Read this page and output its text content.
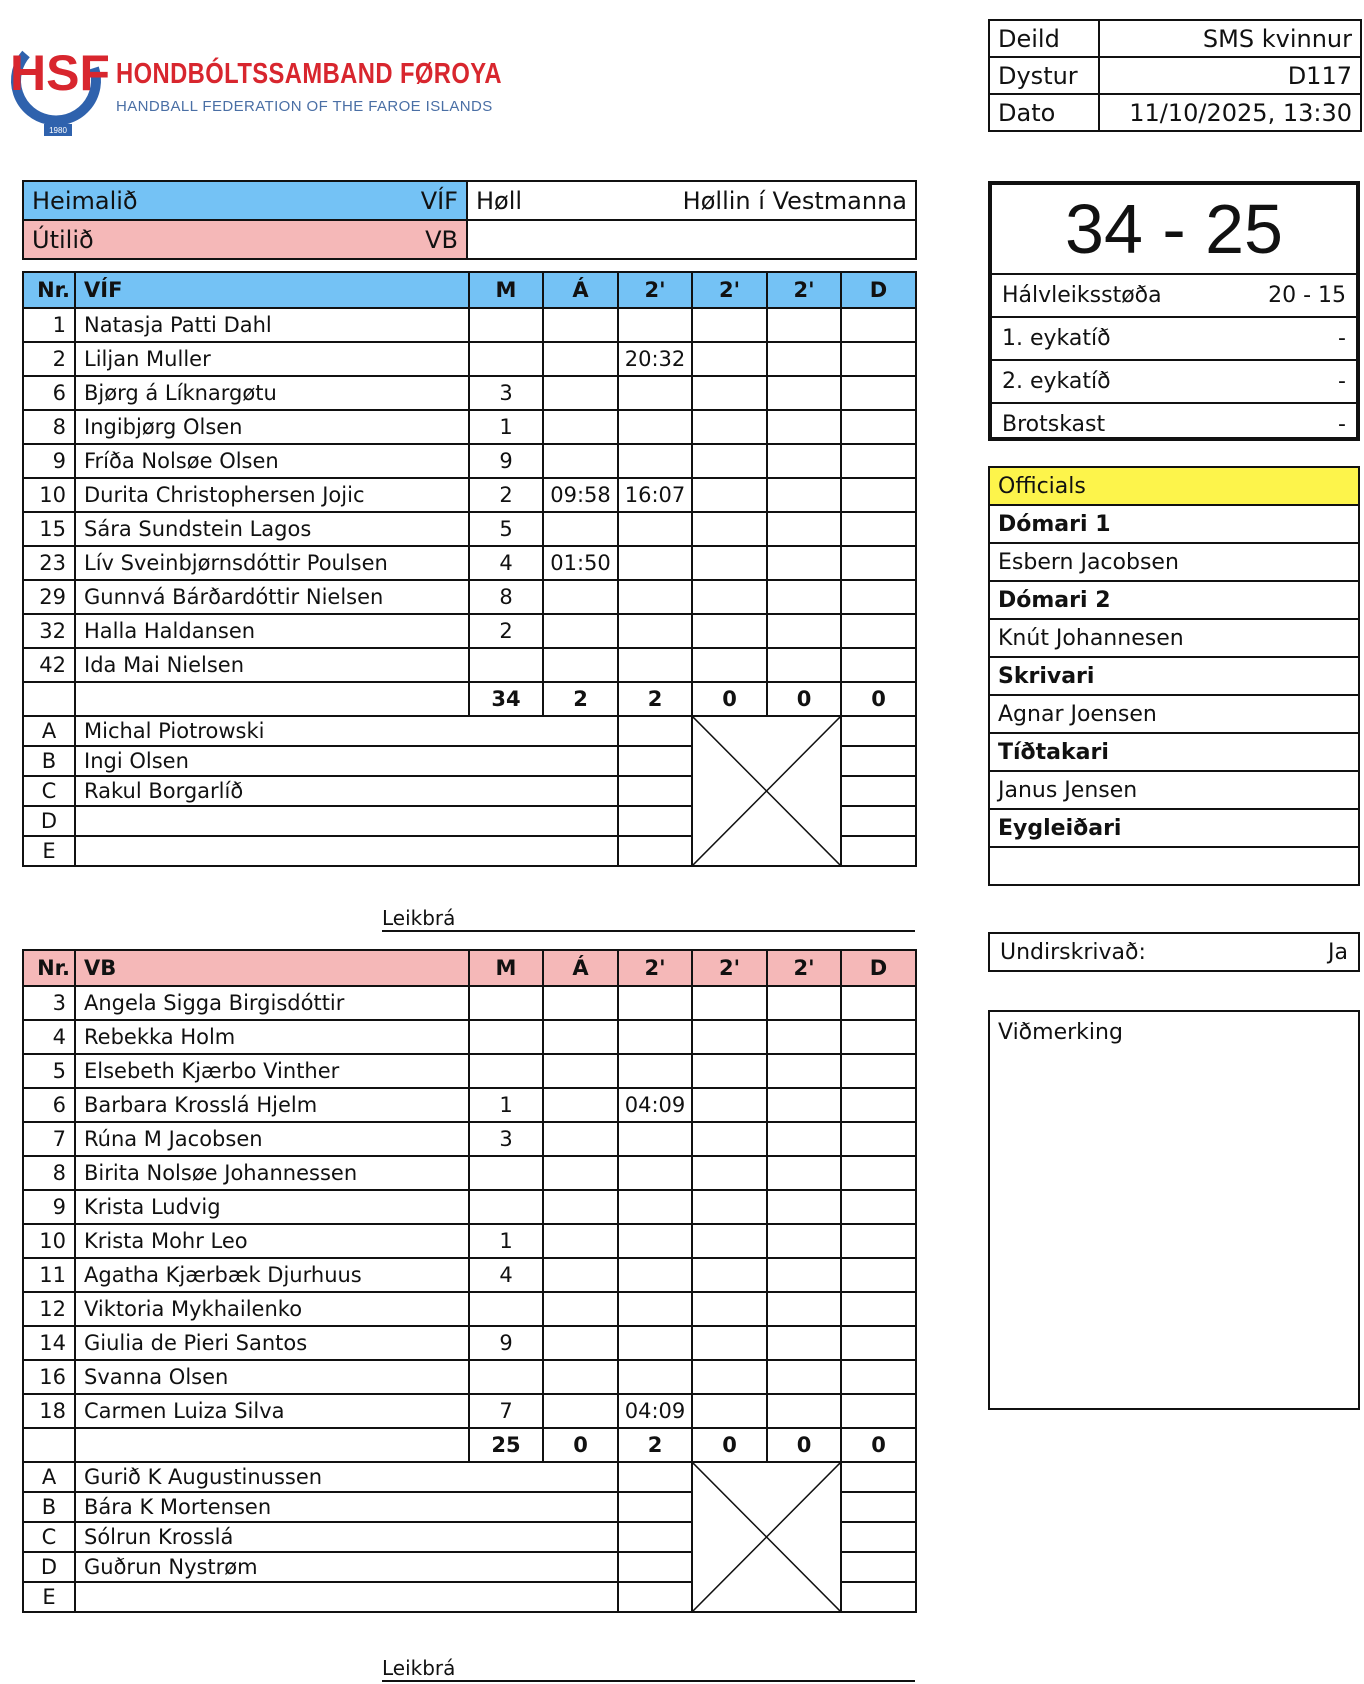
1980
HSF HONDBÓLTSSAMBAND FØROYA
HANDBALL FEDERATION OF THE FAROE ISLANDS
Deild	SMS kvinnur
Dystur	D117
Dato	11/10/2025, 13:30
Heimalið VÍF	Høll Høllin í Vestmanna

Útilið VB	

Nr.	VÍF	M	Á	2'	2'	2'	D	
1	Natasja Patti Dahl							
2	Liljan Muller			20:32				
6	Bjørg á Líknargøtu	3						
8	Ingibjørg Olsen	1						
9	Fríða Nolsøe Olsen	9						
10	Durita Christophersen Jojic	2	09:58	16:07				
15	Sára Sundstein Lagos	5						
23	Lív Sveinbjørnsdóttir Poulsen	4	01:50					
29	Gunnvá Bárðardóttir Nielsen	8						
32	Halla Haldansen	2						
42	Ida Mai Nielsen							
		34	2	2	0	0	0	
A	Michal Piotrowski		

B	Ingi Olsen							
C	Rakul Borgarlíð							
D								
E								
Leikbrá
Nr.	VB	M	Á	2'	2'	2'	D	
3	Angela Sigga Birgisdóttir							
4	Rebekka Holm							
5	Elsebeth Kjærbo Vinther							
6	Barbara Krosslá Hjelm	1		04:09				
7	Rúna M Jacobsen	3						
8	Birita Nolsøe Johannessen							
9	Krista Ludvig							
10	Krista Mohr Leo	1						
11	Agatha Kjærbæk Djurhuus	4						
12	Viktoria Mykhailenko							
14	Giulia de Pieri Santos	9						
16	Svanna Olsen							
18	Carmen Luiza Silva	7		04:09				
		25	0	2	0	0	0	
A	Gurið K Augustinussen		

B	Bára K Mortensen							
C	Sólrun Krosslá							
D	Guðrun Nystrøm							
E								
Leikbrá
34 - 25
Hálvleiksstøða	20 - 15
1. eykatíð	-
2. eykatíð	-
Brotskast	-
Officials
Dómari 1
Esbern Jacobsen
Dómari 2
Knút Johannesen
Skrivari
Agnar Joensen
Tíðtakari
Janus Jensen
Eygleiðari
Undirskrivað:	Ja
Viðmerking
